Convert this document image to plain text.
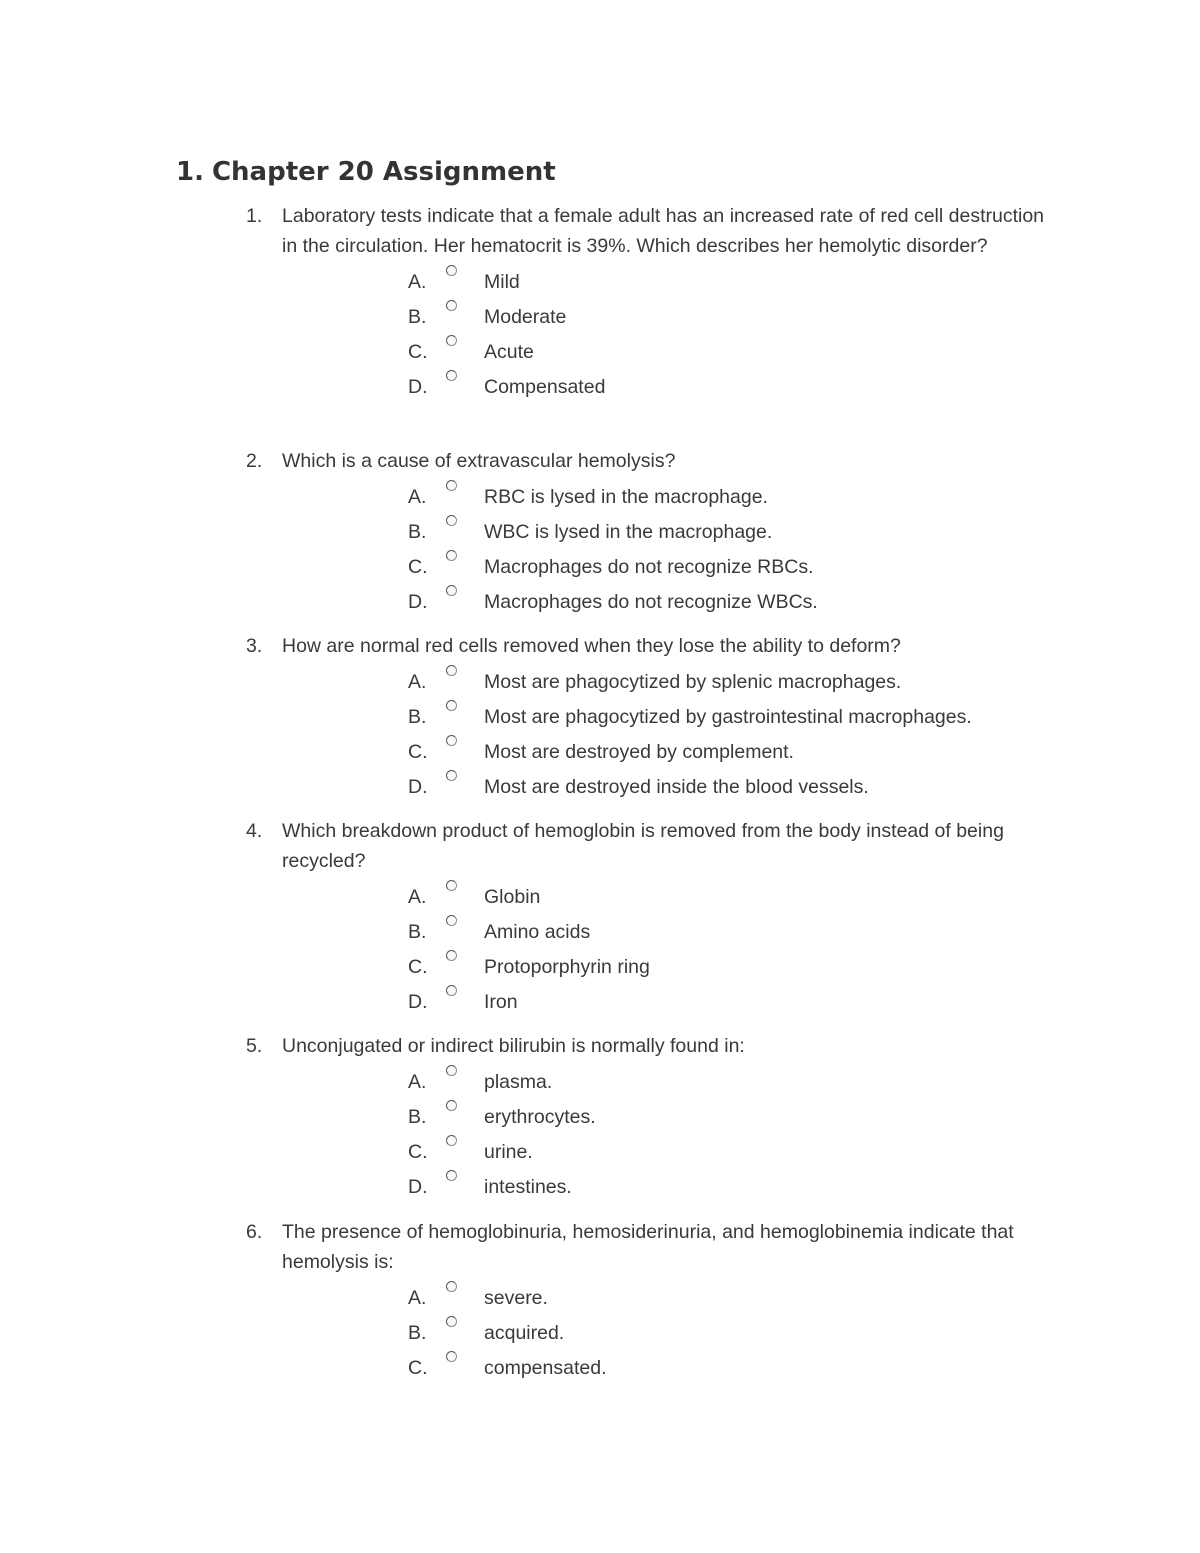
1. Chapter 20 Assignment
1. Laboratory tests indicate that a female adult has an increased rate of red cell destruction in the circulation. Her hematocrit is 39%. Which describes her hemolytic disorder?
A.	Mild
B.	Moderate
C.	Acute
D.	Compensated
2. Which is a cause of extravascular hemolysis?
A.	RBC is lysed in the macrophage.
B.	WBC is lysed in the macrophage.
C.	Macrophages do not recognize RBCs.
D.	Macrophages do not recognize WBCs.
3. How are normal red cells removed when they lose the ability to deform?
A.	Most are phagocytized by splenic macrophages.
B.	Most are phagocytized by gastrointestinal macrophages.
C.	Most are destroyed by complement.
D.	Most are destroyed inside the blood vessels.
4. Which breakdown product of hemoglobin is removed from the body instead of being recycled?
A.	Globin
B.	Amino acids
C.	Protoporphyrin ring
D.	Iron
5. Unconjugated or indirect bilirubin is normally found in:
A.	plasma.
B.	erythrocytes.
C.	urine.
D.	intestines.
6. The presence of hemoglobinuria, hemosiderinuria, and hemoglobinemia indicate that hemolysis is:
A.	severe.
B.	acquired.
C.	compensated.
